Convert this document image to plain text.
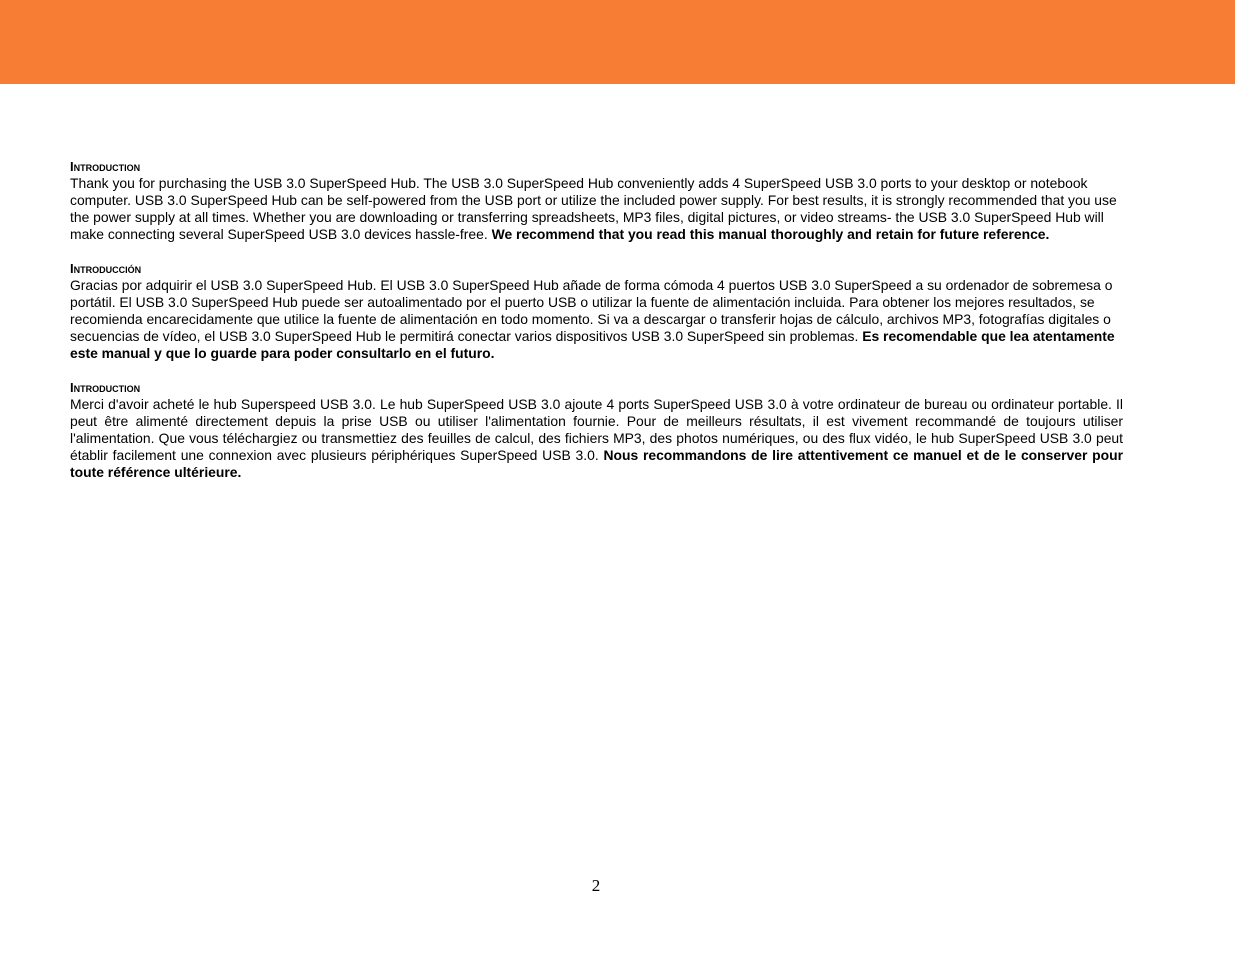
Introduction

Thank you for purchasing the USB 3.0 SuperSpeed Hub. The USB 3.0 SuperSpeed Hub conveniently adds 4 SuperSpeed USB 3.0 ports to your desktop or notebook computer. USB 3.0 SuperSpeed Hub can be self-powered from the USB port or utilize the included power supply. For best results, it is strongly recommended that you use the power supply at all times. Whether you are downloading or transferring spreadsheets, MP3 files, digital pictures, or video streams- the USB 3.0 SuperSpeed Hub will make connecting several SuperSpeed USB 3.0 devices hassle-free. We recommend that you read this manual thoroughly and retain for future reference.

Introducción

Gracias por adquirir el USB 3.0 SuperSpeed Hub. El USB 3.0 SuperSpeed Hub añade de forma cómoda 4 puertos USB 3.0 SuperSpeed a su ordenador de sobremesa o portátil. El USB 3.0 SuperSpeed Hub puede ser autoalimentado por el puerto USB o utilizar la fuente de alimentación incluida. Para obtener los mejores resultados, se recomienda encarecidamente que utilice la fuente de alimentación en todo momento. Si va a descargar o transferir hojas de cálculo, archivos MP3, fotografías digitales o secuencias de vídeo, el USB 3.0 SuperSpeed Hub le permitirá conectar varios dispositivos USB 3.0 SuperSpeed sin problemas. Es recomendable que lea atentamente este manual y que lo guarde para poder consultarlo en el futuro.

Introduction

Merci d'avoir acheté le hub Superspeed USB 3.0. Le hub SuperSpeed USB 3.0 ajoute 4 ports SuperSpeed USB 3.0 à votre ordinateur de bureau ou ordinateur portable. Il peut être alimenté directement depuis la prise USB ou utiliser l'alimentation fournie. Pour de meilleurs résultats, il est vivement recommandé de toujours utiliser l'alimentation. Que vous téléchargiez ou transmettiez des feuilles de calcul, des fichiers MP3, des photos numériques, ou des flux vidéo, le hub SuperSpeed USB 3.0 peut établir facilement une connexion avec plusieurs périphériques SuperSpeed USB 3.0. Nous recommandons de lire attentivement ce manuel et de le conserver pour toute référence ultérieure.

2
